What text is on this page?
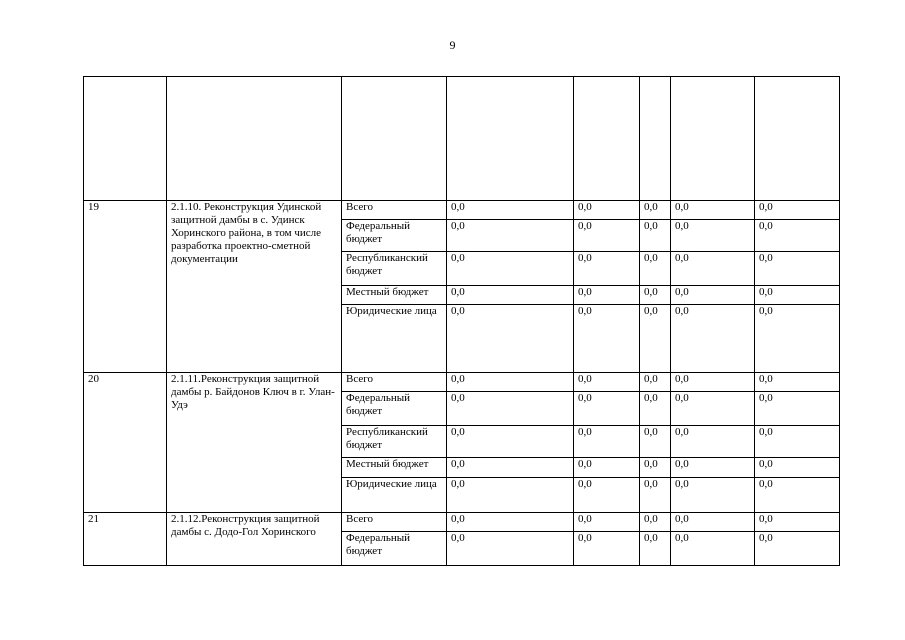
9

19	2.1.10. Реконструкция Удинской защитной дамбы в с. Удинск Хоринского района, в том числе разработка проектно-сметной документации	Всего	0,0	0,0	0,0	0,0	0,0
		Федеральный бюджет	0,0	0,0	0,0	0,0	0,0
		Республиканский бюджет	0,0	0,0	0,0	0,0	0,0
		Местный бюджет	0,0	0,0	0,0	0,0	0,0
		Юридические лица	0,0	0,0	0,0	0,0	0,0
20	2.1.11.Реконструкция защитной дамбы р. Байдонов Ключ в г. Улан-Удэ	Всего	0,0	0,0	0,0	0,0	0,0
		Федеральный бюджет	0,0	0,0	0,0	0,0	0,0
		Республиканский бюджет	0,0	0,0	0,0	0,0	0,0
		Местный бюджет	0,0	0,0	0,0	0,0	0,0
		Юридические лица	0,0	0,0	0,0	0,0	0,0
21	2.1.12.Реконструкция защитной дамбы с. Додо-Гол Хоринского	Всего	0,0	0,0	0,0	0,0	0,0
		Федеральный бюджет	0,0	0,0	0,0	0,0	0,0
